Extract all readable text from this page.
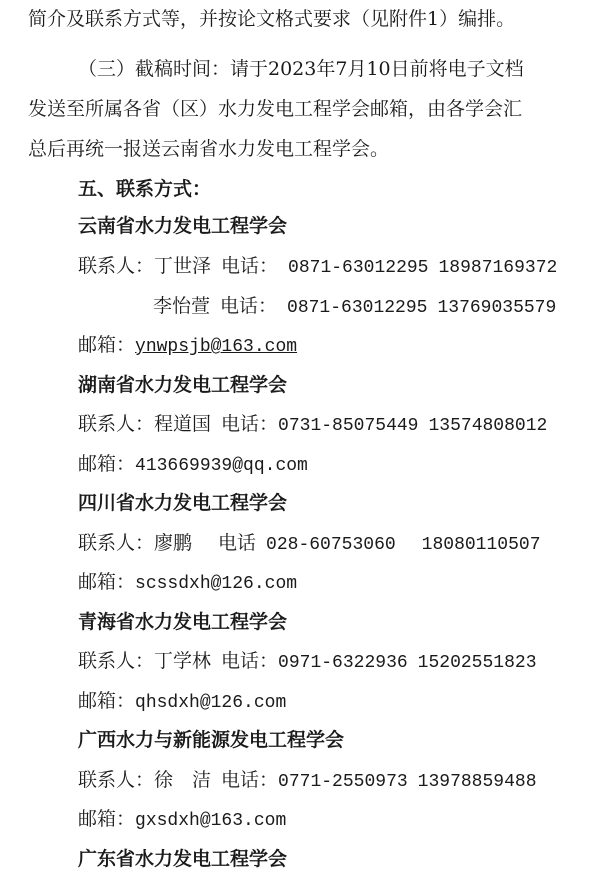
简介及联系方式等，并按论文格式要求（见附件1）编排。
（三）截稿时间：请于2023年7月10日前将电子文档
发送至所属各省（区）水力发电工程学会邮箱，由各学会汇
总后再统一报送云南省水力发电工程学会。
五、联系方式：
云南省水力发电工程学会
联系人：丁世泽 电话： 0871-63012295 18987169372
李怡萱 电话： 0871-63012295 13769035579
邮箱：ynwpsjb@163.com
湖南省水力发电工程学会
联系人：程道国 电话：0731-85075449 13574808012
邮箱：413669939@qq.com
四川省水力发电工程学会
联系人：廖鹏 电话 028-60753060 18080110507
邮箱：scssdxh@126.com
青海省水力发电工程学会
联系人：丁学林 电话：0971-6322936 15202551823
邮箱：qhsdxh@126.com
广西水力与新能源发电工程学会
联系人：徐　洁 电话：0771-2550973 13978859488
邮箱：gxsdxh@163.com
广东省水力发电工程学会
